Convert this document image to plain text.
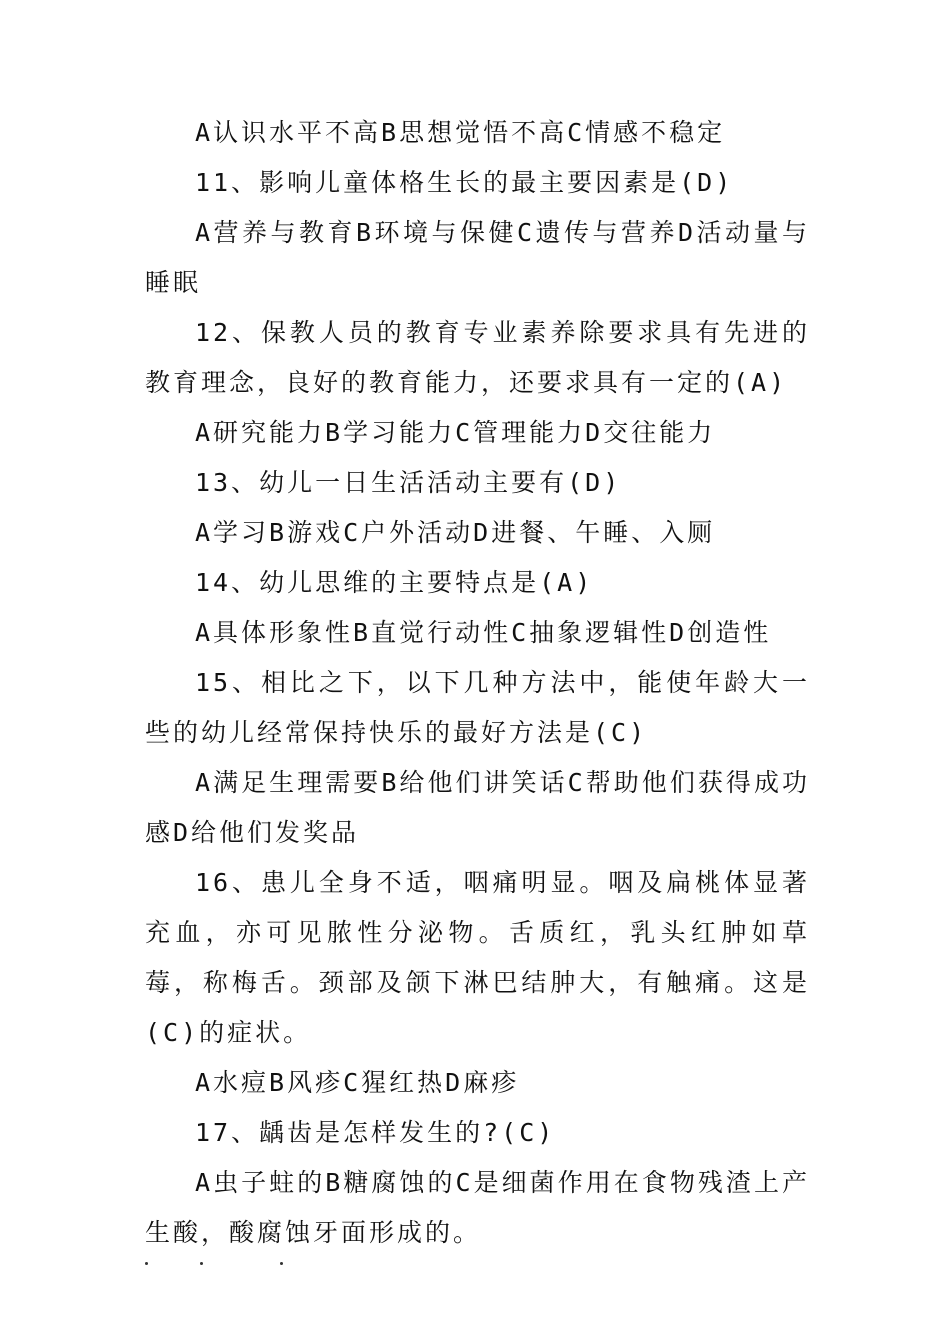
A认识水平不高B思想觉悟不高C情感不稳定

11、影响儿童体格生长的最主要因素是(D)

A营养与教育B环境与保健C遗传与营养D活动量与睡眠

12、保教人员的教育专业素养除要求具有先进的教育理念，良好的教育能力，还要求具有一定的(A)

A研究能力B学习能力C管理能力D交往能力

13、幼儿一日生活活动主要有(D)

A学习B游戏C户外活动D进餐、午睡、入厕

14、幼儿思维的主要特点是(A)

A具体形象性B直觉行动性C抽象逻辑性D创造性

15、相比之下，以下几种方法中，能使年龄大一些的幼儿经常保持快乐的最好方法是(C)

A满足生理需要B给他们讲笑话C帮助他们获得成功感D给他们发奖品

16、患儿全身不适，咽痛明显。咽及扁桃体显著充血，亦可见脓性分泌物。舌质红，乳头红肿如草莓，称梅舌。颈部及颌下淋巴结肿大，有触痛。这是(C)的症状。

A水痘B风疹C猩红热D麻疹

17、龋齿是怎样发生的?(C)

A虫子蛀的B糖腐蚀的C是细菌作用在食物残渣上产生酸，酸腐蚀牙面形成的。
